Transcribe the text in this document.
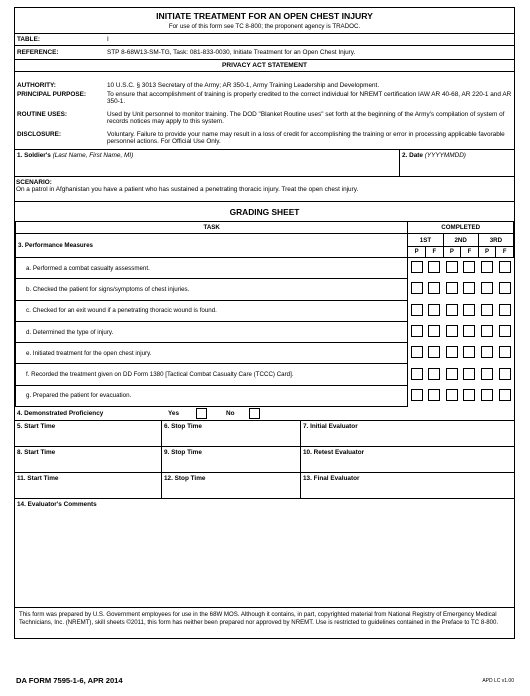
INITIATE TREATMENT FOR AN OPEN CHEST INJURY
For use of this form see TC 8-800; the proponent agency is TRADOC.
TABLE:	I
REFERENCE:	STP 8-68W13-SM-TG, Task: 081-833-0030, Initiate Treatment for an Open Chest Injury.
PRIVACY ACT STATEMENT
AUTHORITY:	10 U.S.C. § 3013 Secretary of the Army; AR 350-1, Army Training Leadership and Development.
PRINCIPAL PURPOSE:	To ensure that accomplishment of training is properly credited to the correct individual for NREMT certification IAW AR 40-68, AR 220-1 and AR 350-1.
ROUTINE USES:	Used by Unit personnel to monitor training. The DOD "Blanket Routine uses" set forth at the beginning of the Army's compilation of system of records notices may apply to this system.
DISCLOSURE:	Voluntary. Failure to provide your name may result in a loss of credit for accomplishing the training or error in processing applicable favorable personnel actions. For Official Use Only.
1. Soldier's (Last Name, First Name, MI)	2. Date (YYYYMMDD)
SCENARIO:
On a patrol in Afghanistan you have a patient who has sustained a penetrating thoracic injury. Treat the open chest injury.
GRADING SHEET
TASK	COMPLETED					
3. Performance Measures	1ST		2ND		3RD	
	P	F	P	F	P	F
a. Performed a combat casualty assessment.						
b. Checked the patient for signs/symptoms of chest injuries.						
c. Checked for an exit wound if a penetrating thoracic wound is found.						
d. Determined the type of injury.						
e. Initiated treatment for the open chest injury.						
f. Recorded the treatment given on DD Form 1380 [Tactical Combat Casualty Care (TCCC) Card].						
g. Prepared the patient for evacuation.						
4. Demonstrated Proficiency	Yes	No
5. Start Time	6. Stop Time	7. Initial Evaluator
8. Start Time	9. Stop Time	10. Retest Evaluator
11. Start Time	12. Stop Time	13. Final Evaluator
14. Evaluator's Comments
This form was prepared by U.S. Government employees for use in the 68W MOS. Although it contains, in part, copyrighted material from National Registry of Emergency Medical Technicians, Inc. (NREMT), skill sheets ©2011, this form has neither been prepared nor approved by NREMT. Use is restricted to guidelines contained in the Preface to TC 8-800.
DA FORM 7595-1-6, APR 2014	APD LC v1.00
